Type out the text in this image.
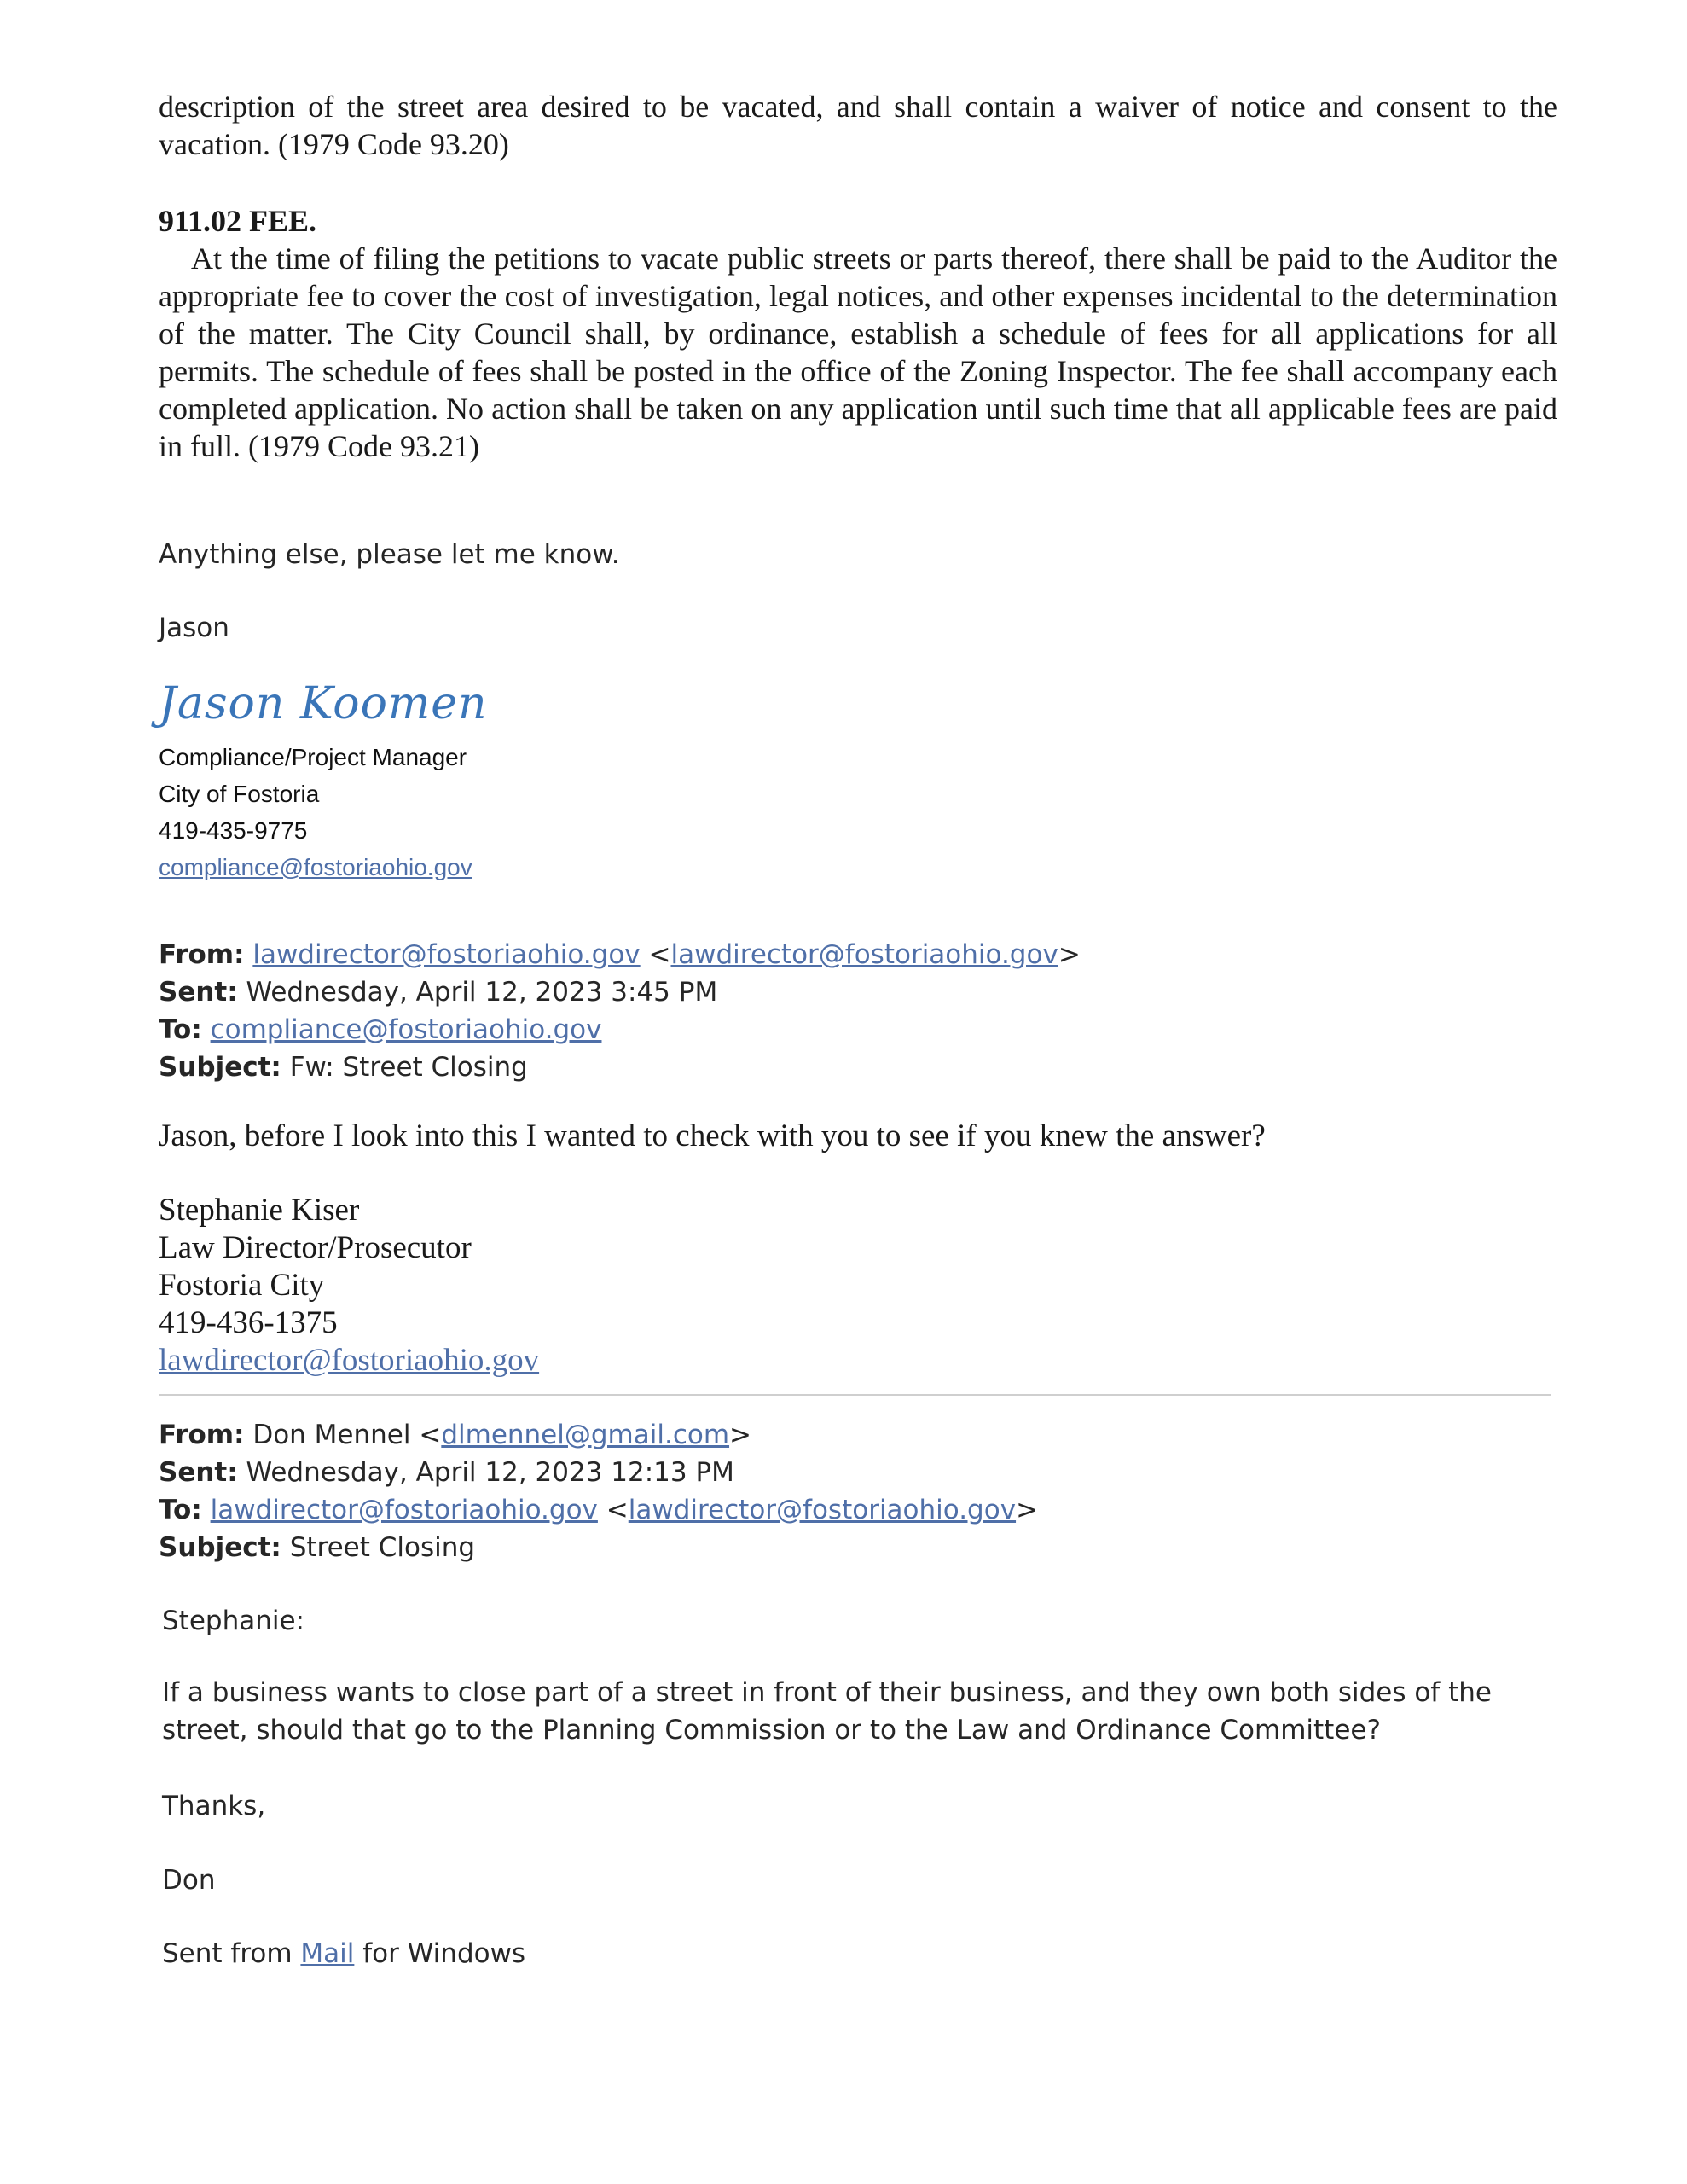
description of the street area desired to be vacated, and shall contain a waiver of notice and consent to the vacation. (1979 Code 93.20)
911.02 FEE.
At the time of filing the petitions to vacate public streets or parts thereof, there shall be paid to the Auditor the appropriate fee to cover the cost of investigation, legal notices, and other expenses incidental to the determination of the matter. The City Council shall, by ordinance, establish a schedule of fees for all applications for all permits. The schedule of fees shall be posted in the office of the Zoning Inspector. The fee shall accompany each completed application. No action shall be taken on any application until such time that all applicable fees are paid in full. (1979 Code 93.21)
Anything else, please let me know.
Jason
Jason Koomen
Compliance/Project Manager
City of Fostoria
419-435-9775
compliance@fostoriaohio.gov
From: lawdirector@fostoriaohio.gov <lawdirector@fostoriaohio.gov>
Sent: Wednesday, April 12, 2023 3:45 PM
To: compliance@fostoriaohio.gov
Subject: Fw: Street Closing
Jason, before I look into this I wanted to check with you to see if you knew the answer?
Stephanie Kiser
Law Director/Prosecutor
Fostoria City
419-436-1375
lawdirector@fostoriaohio.gov
From: Don Mennel <dlmennel@gmail.com>
Sent: Wednesday, April 12, 2023 12:13 PM
To: lawdirector@fostoriaohio.gov <lawdirector@fostoriaohio.gov>
Subject: Street Closing
Stephanie:
If a business wants to close part of a street in front of their business, and they own both sides of the street, should that go to the Planning Commission or to the Law and Ordinance Committee?
Thanks,
Don
Sent from Mail for Windows
